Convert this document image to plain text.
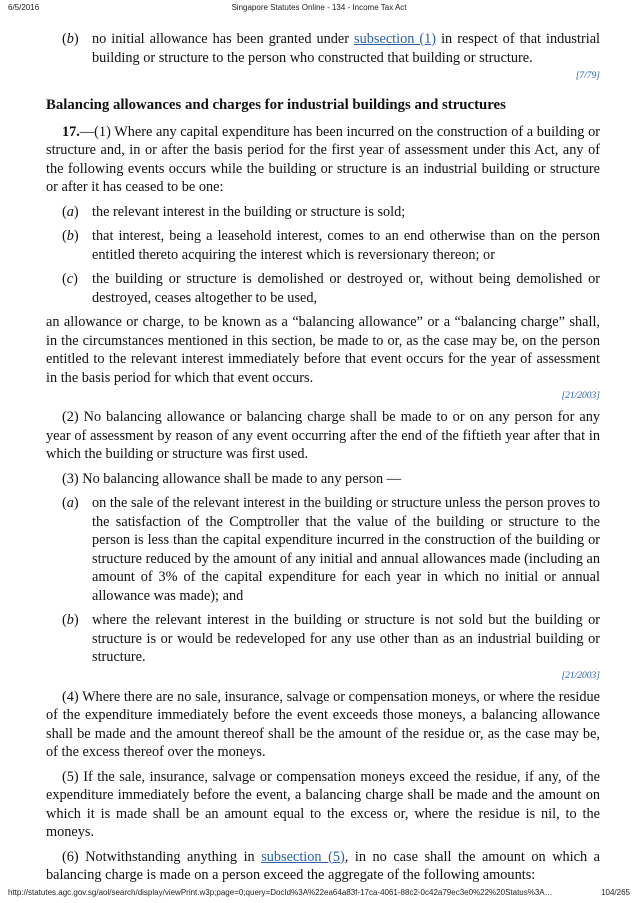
6/5/2016	Singapore Statutes Online - 134 - Income Tax Act
( b )	no initial allowance has been granted under subsection (1) in respect of that industrial building or structure to the person who constructed that building or structure.
[7/79]
Balancing allowances and charges for industrial buildings and structures

17.—(1) Where any capital expenditure has been incurred on the construction of a building or structure and, in or after the basis period for the first year of assessment under this Act, any of the following events occurs while the building or structure is an industrial building or structure or after it has ceased to be one:

( a )	the relevant interest in the building or structure is sold;
( b )	that interest, being a leasehold interest, comes to an end otherwise than on the person entitled thereto acquiring the interest which is reversionary thereon; or
( c )	the building or structure is demolished or destroyed or, without being demolished or destroyed, ceases altogether to be used,

an allowance or charge, to be known as a “balancing allowance” or a “balancing charge” shall, in the circumstances mentioned in this section, be made to or, as the case may be, on the person entitled to the relevant interest immediately before that event occurs for the year of assessment in the basis period for which that event occurs.

[21/2003]

(2) No balancing allowance or balancing charge shall be made to or on any person for any year of assessment by reason of any event occurring after the end of the fiftieth year after that in which the building or structure was first used.

(3) No balancing allowance shall be made to any person —

( a )	on the sale of the relevant interest in the building or structure unless the person proves to the satisfaction of the Comptroller that the value of the building or structure to the person is less than the capital expenditure incurred in the construction of the building or structure reduced by the amount of any initial and annual allowances made (including an amount of 3% of the capital expenditure for each year in which no initial or annual allowance was made); and
( b )	where the relevant interest in the building or structure is not sold but the building or structure is or would be redeveloped for any use other than as an industrial building or structure.
[21/2003]

(4) Where there are no sale, insurance, salvage or compensation moneys, or where the residue of the expenditure immediately before the event exceeds those moneys, a balancing allowance shall be made and the amount thereof shall be the amount of the residue or, as the case may be, of the excess thereof over the moneys.

(5) If the sale, insurance, salvage or compensation moneys exceed the residue, if any, of the expenditure immediately before the event, a balancing charge shall be made and the amount on which it is made shall be an amount equal to the excess or, where the residue is nil, to the moneys.

(6) Notwithstanding anything in subsection (5), in no case shall the amount on which a balancing charge is made on a person exceed the aggregate of the following amounts:

http://statutes.agc.gov.sg/aol/search/display/viewPrint.w3p;page=0;query=DocId%3A%22ea64a83f-17ca-4061-88c2-0c42a79ec3e0%22%20Status%3A…	104/265
